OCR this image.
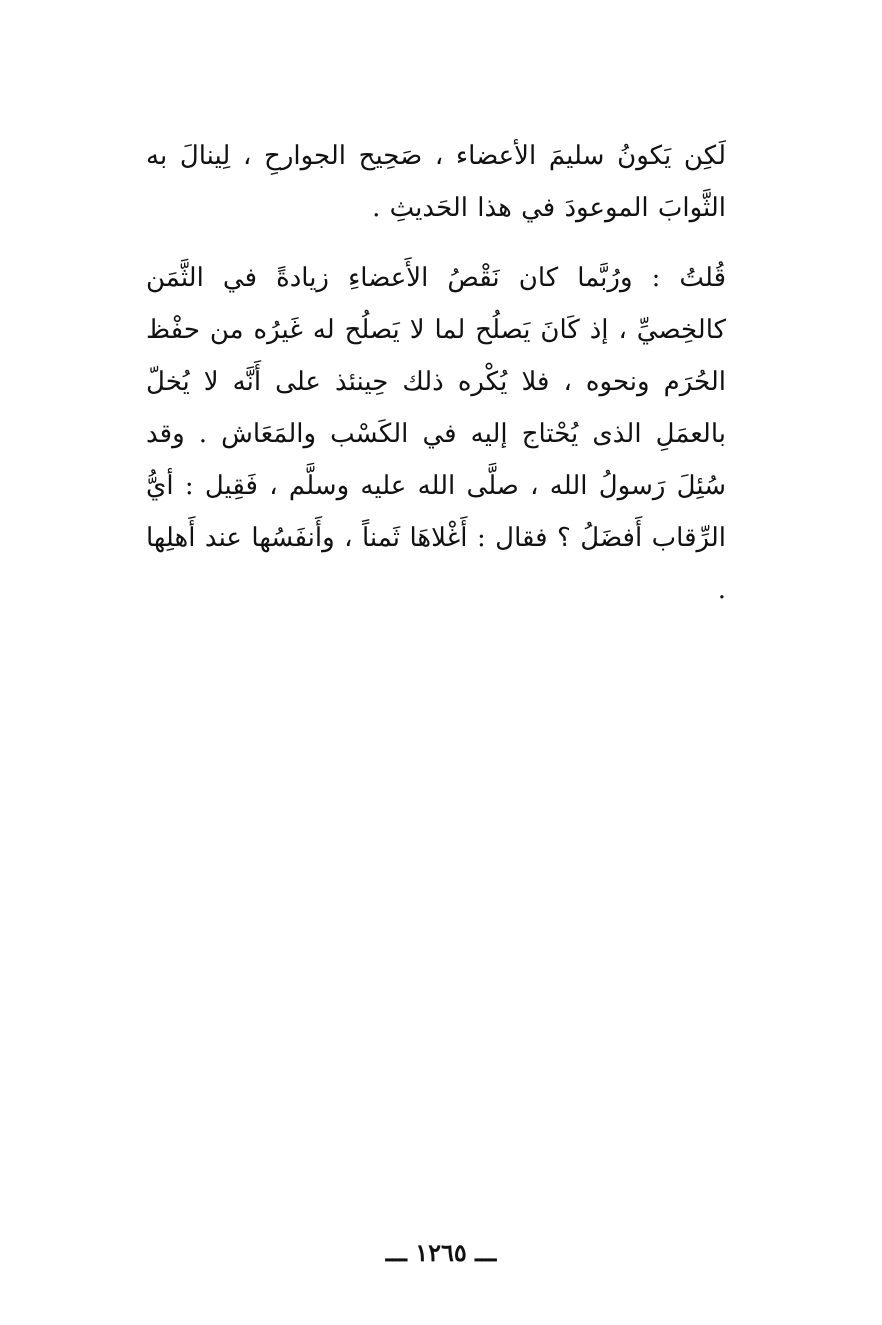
لَكِن يَكونُ سليمَ الأعضاء ، صَحِيح الجوارحِ ، لِينالَ به الثَّوابَ الموعودَ في هذا الحَديثِ .

قُلتُ : ورُبَّما كان نَقْصُ الأَعضاءِ زيادةً في الثَّمَن كالخِصيِّ ، إذ كَانَ يَصلُح لما لا يَصلُح له غَيرُه من حفْظ الحُرَم ونحوه ، فلا يُكْره ذلك حِينئذ على أَنَّه لا يُخلّ بالعمَلِ الذى يُحْتاج إليه في الكَسْب والمَعَاش . وقد سُئِلَ رَسولُ الله ، صلَّى الله عليه وسلَّم ، فَقِيل : أيُّ الرِّقاب أَفضَلُ ؟ فقال : أَغْلاهَا ثَمناً ، وأَنفَسُها عند أَهلِها .

ـــ ١٢٦٥ ـــ
